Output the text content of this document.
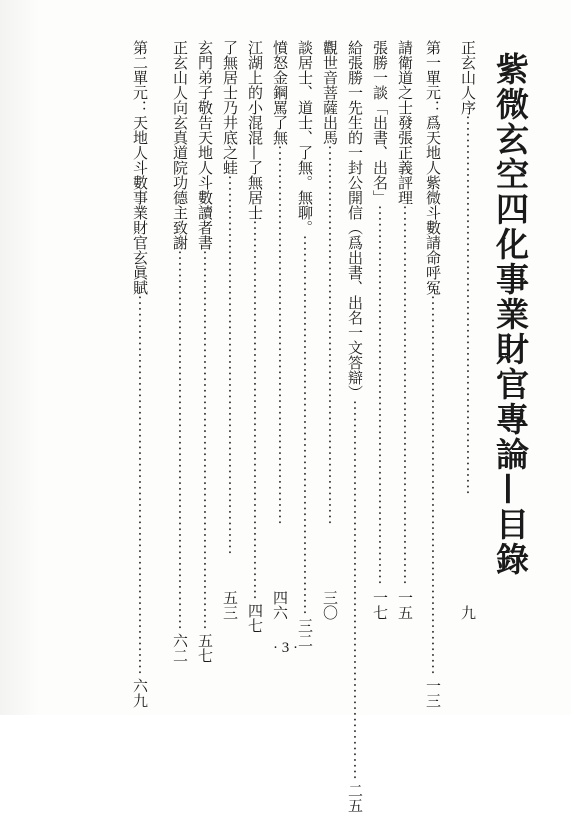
紫微玄空四化事業財官專論—目錄
正玄山人序
··································································
九
第一單元：爲天地人紫微斗數請命呼冤
··································································
一三
請衛道之士發張正義評理
··································································
一五
張勝一談「出書、出名」
··································································
一七
給張勝一先生的一封公開信（爲出書、出名一文答辯）
··································································
二五
觀世音菩薩出馬
··································································
三〇
談居士、道士、了無。無聊。
··································································
三二
憤怒金鋼罵了無
··································································
四六
江湖上的小混混—了無居士
··································································
四七
了無居士乃井底之蛙
··································································
五三
玄門弟子敬告天地人斗數讀者書
··································································
五七
正玄山人向玄真道院功德主致謝
··································································
六二
第二單元：天地人斗數事業財官玄眞賦
··································································
六九
· 3 ·
